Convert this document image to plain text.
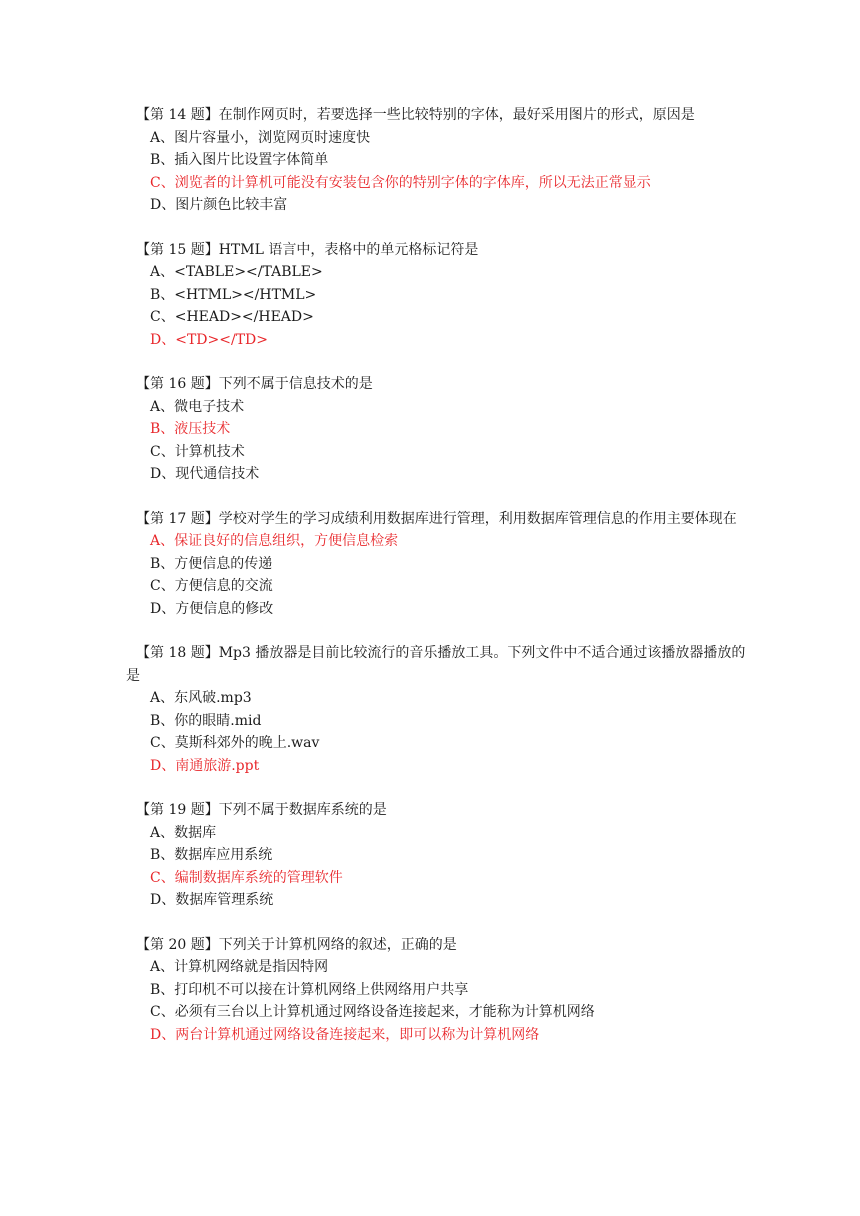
【第 14 题】在制作网页时，若要选择一些比较特别的字体，最好采用图片的形式，原因是

A、图片容量小，浏览网页时速度快

B、插入图片比设置字体简单

C、浏览者的计算机可能没有安装包含你的特别字体的字体库，所以无法正常显示

D、图片颜色比较丰富

【第 15 题】HTML 语言中，表格中的单元格标记符是

A、<TABLE></TABLE>

B、<HTML></HTML>

C、<HEAD></HEAD>

D、<TD></TD>

【第 16 题】下列不属于信息技术的是

A、微电子技术

B、液压技术

C、计算机技术

D、现代通信技术

【第 17 题】学校对学生的学习成绩利用数据库进行管理，利用数据库管理信息的作用主要体现在

A、保证良好的信息组织，方便信息检索

B、方便信息的传递

C、方便信息的交流

D、方便信息的修改

【第 18 题】Mp3 播放器是目前比较流行的音乐播放工具。下列文件中不适合通过该播放器播放的是

A、东风破.mp3

B、你的眼睛.mid

C、莫斯科郊外的晚上.wav

D、南通旅游.ppt

【第 19 题】下列不属于数据库系统的是

A、数据库

B、数据库应用系统

C、编制数据库系统的管理软件

D、数据库管理系统

【第 20 题】下列关于计算机网络的叙述，正确的是

A、计算机网络就是指因特网

B、打印机不可以接在计算机网络上供网络用户共享

C、必须有三台以上计算机通过网络设备连接起来，才能称为计算机网络

D、两台计算机通过网络设备连接起来，即可以称为计算机网络
